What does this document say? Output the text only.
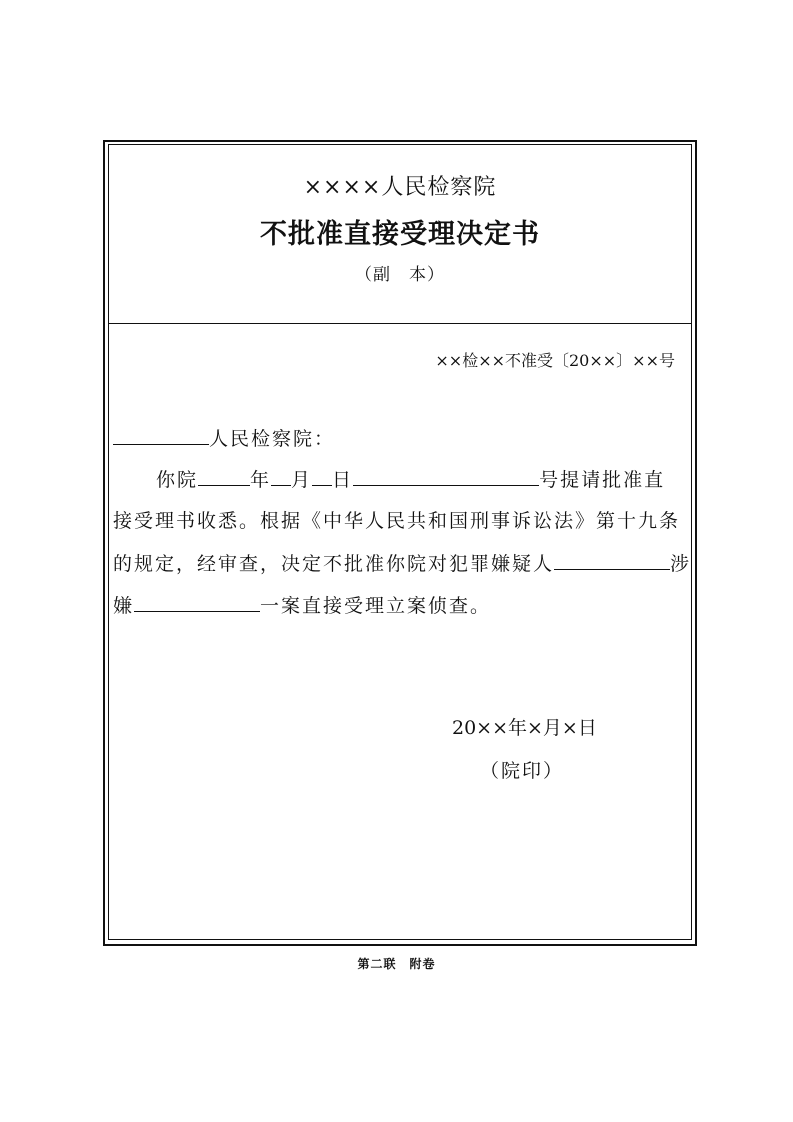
××××人民检察院
不批准直接受理决定书
（副　本）
××检××不准受〔20××〕××号
人民检察院：
你院	年 月 日	号提请批准直
接受理书收悉。根据《中华人民共和国刑事诉讼法》第十九条
的规定，经审查，决定不批准你院对犯罪嫌疑人	涉
嫌	一案直接受理立案侦查。
20××年×月×日
（院印）
第二联　附卷
